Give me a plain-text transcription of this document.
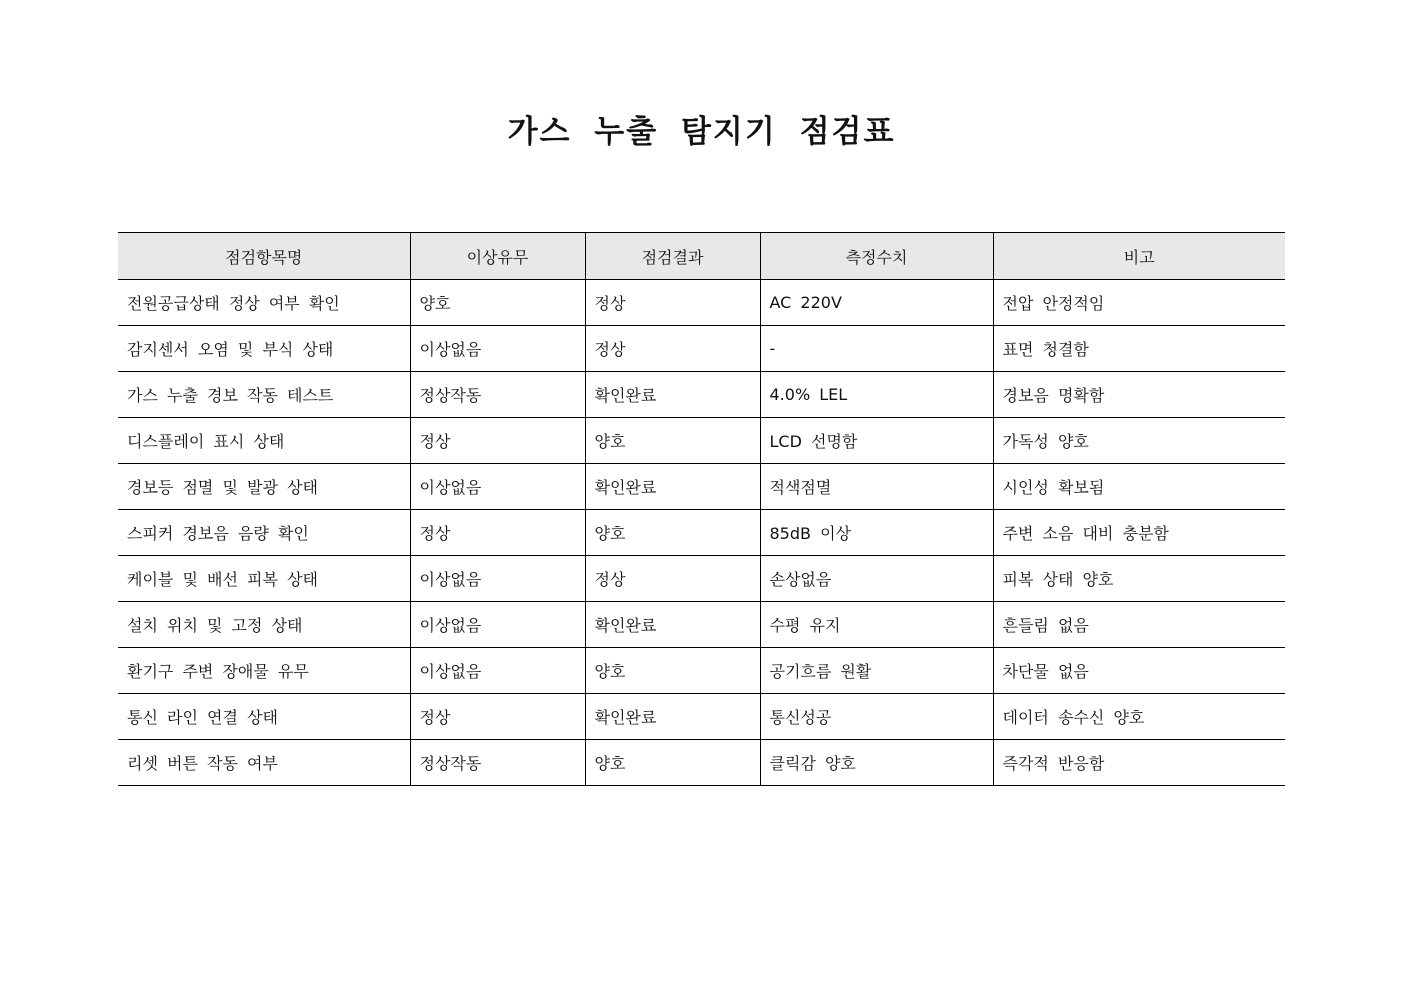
가스 누출 탐지기 점검표
점검항목명	이상유무	점검결과	측정수치	비고
전원공급상태 정상 여부 확인	양호	정상	AC 220V	전압 안정적임
감지센서 오염 및 부식 상태	이상없음	정상	-	표면 청결함
가스 누출 경보 작동 테스트	정상작동	확인완료	4.0% LEL	경보음 명확함
디스플레이 표시 상태	정상	양호	LCD 선명함	가독성 양호
경보등 점멸 및 발광 상태	이상없음	확인완료	적색점멸	시인성 확보됨
스피커 경보음 음량 확인	정상	양호	85dB 이상	주변 소음 대비 충분함
케이블 및 배선 피복 상태	이상없음	정상	손상없음	피복 상태 양호
설치 위치 및 고정 상태	이상없음	확인완료	수평 유지	흔들림 없음
환기구 주변 장애물 유무	이상없음	양호	공기흐름 원활	차단물 없음
통신 라인 연결 상태	정상	확인완료	통신성공	데이터 송수신 양호
리셋 버튼 작동 여부	정상작동	양호	클릭감 양호	즉각적 반응함
